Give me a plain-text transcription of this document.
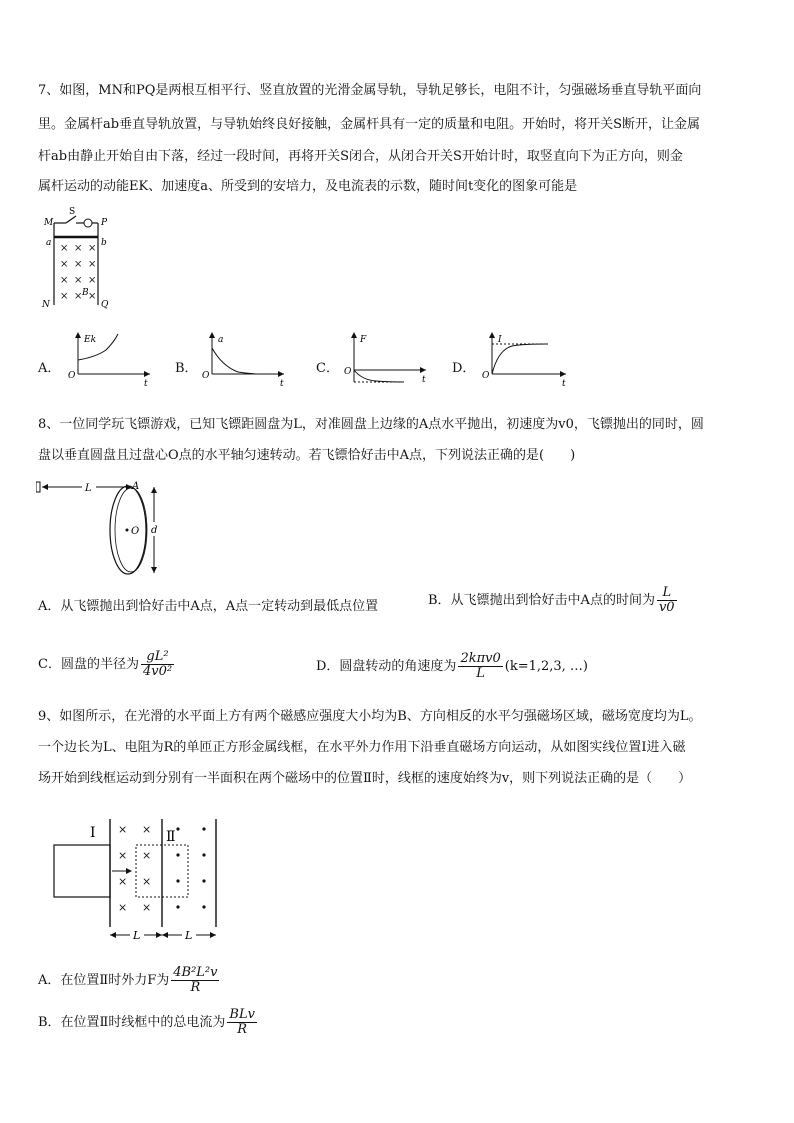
7、如图，MN和PQ是两根互相平行、竖直放置的光滑金属导轨，导轨足够长，电阻不计，匀强磁场垂直导轨平面向
里。金属杆ab垂直导轨放置，与导轨始终良好接触，金属杆具有一定的质量和电阻。开始时，将开关S断开，让金属
杆ab由静止开始自由下落，经过一段时间，再将开关S闭合，从闭合开关S开始计时，取竖直向下为正方向，则金
属杆运动的动能EK、加速度a、所受到的安培力，及电流表的示数，随时间t变化的图象可能是
× × ×
× × ×
× × ×
× × ×
M
N
P
Q
a	b
S
B
A．
Ek
O
t
B．
a
O
t
C．
F
O
t
D．
I
O
t
8、一位同学玩飞镖游戏，已知飞镖距圆盘为L，对准圆盘上边缘的A点水平抛出，初速度为v0，飞镖抛出的同时，圆
盘以垂直圆盘且过盘心O点的水平轴匀速转动。若飞镖恰好击中A点，下列说法正确的是(　　)
L
O
A
d
A．从飞镖抛出到恰好击中A点，A点一定转动到最低点位置	B．从飞镖抛出到恰好击中A点的时间为 $\frac{L}{v0}$
C．圆盘的半径为 $\frac{\text{gL²}}{\text{4v0²}}$	D．圆盘转动的角速度为 $\frac{\text{2kπv0}}{L} (k=1,2,3$, …)
9、如图所示，在光滑的水平面上方有两个磁感应强度大小均为B、方向相反的水平匀强磁场区域，磁场宽度均为L。
一个边长为L、电阻为R的单匝正方形金属线框，在水平外力作用下沿垂直磁场方向运动，从如图实线位置Ⅰ进入磁
场开始到线框运动到分别有一半面积在两个磁场中的位置Ⅱ时，线框的速度始终为v，则下列说法正确的是（　　）
Ⅰ × ×
× ×
× ×
× ×
Ⅱ
L	L
A．在位置Ⅱ时外力F为 $\frac{\text{4B²L²v}}{R}$
B．在位置Ⅱ时线框中的总电流为 $\frac{\text{BLv}}{R}$
